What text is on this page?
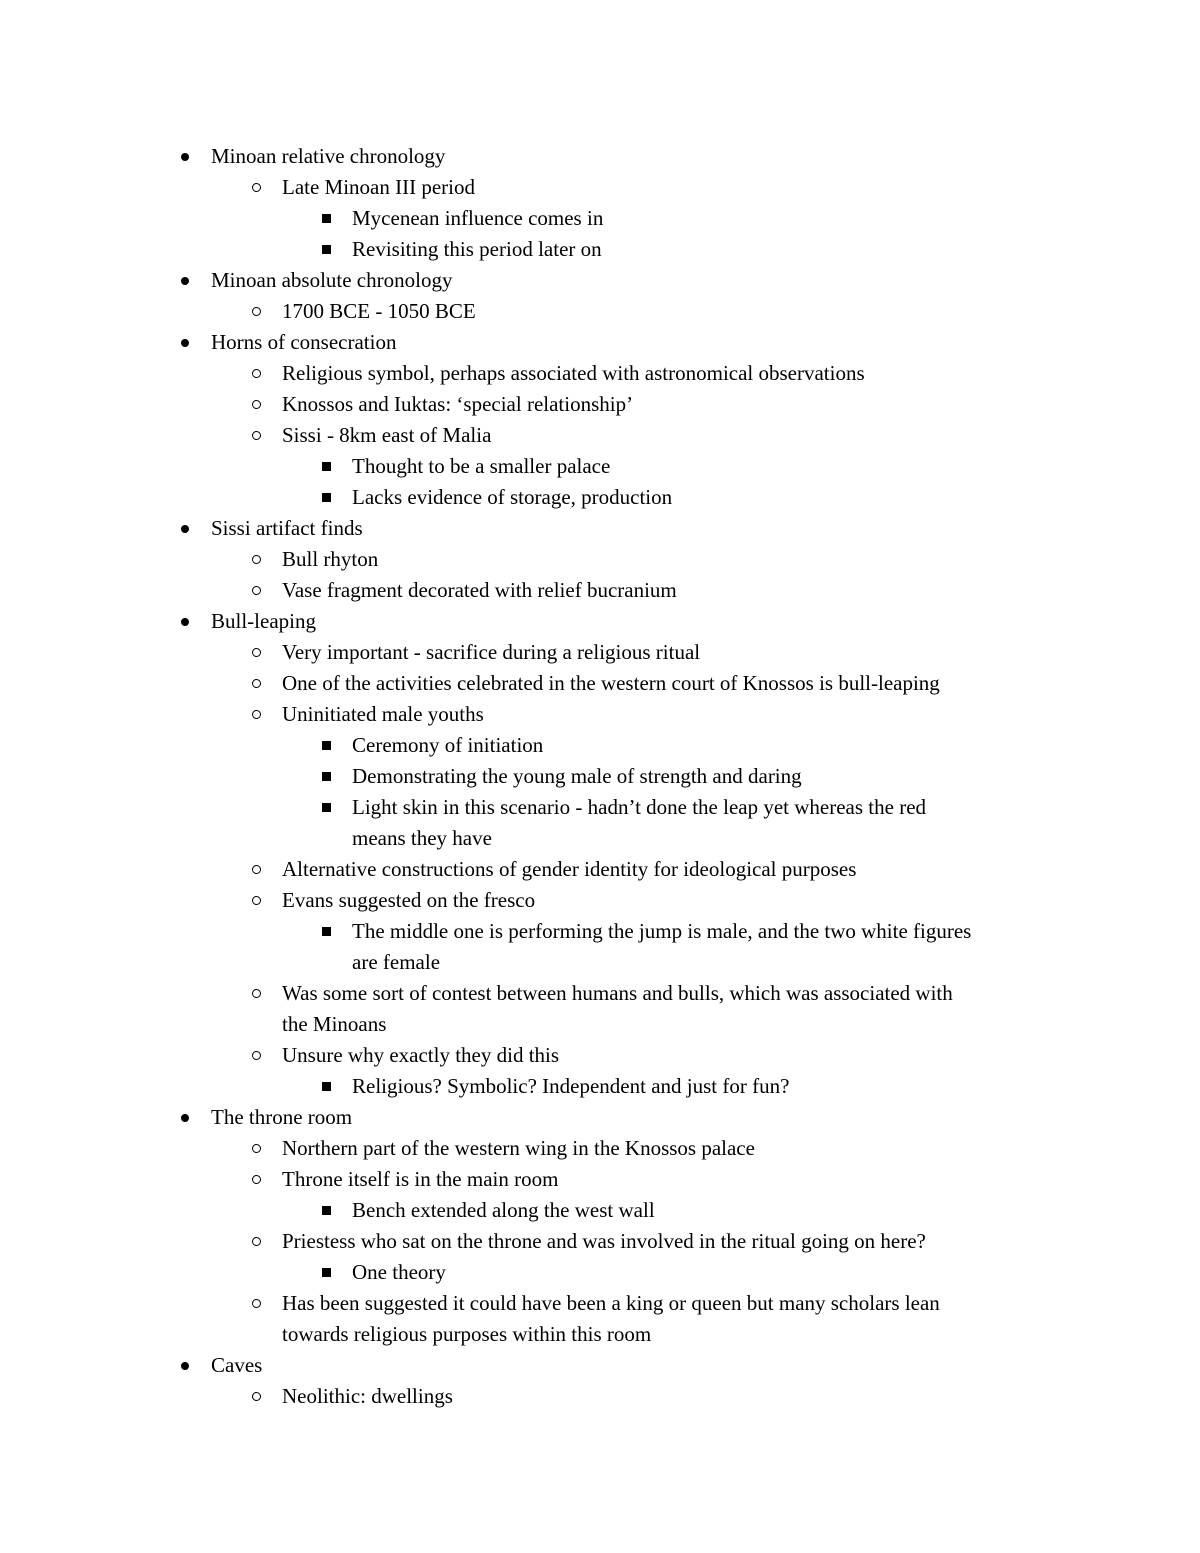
Minoan relative chronology
Late Minoan III period
Mycenean influence comes in
Revisiting this period later on
Minoan absolute chronology
1700 BCE - 1050 BCE
Horns of consecration
Religious symbol, perhaps associated with astronomical observations
Knossos and Iuktas: ‘special relationship’
Sissi - 8km east of Malia
Thought to be a smaller palace
Lacks evidence of storage, production
Sissi artifact finds
Bull rhyton
Vase fragment decorated with relief bucranium
Bull-leaping
Very important - sacrifice during a religious ritual
One of the activities celebrated in the western court of Knossos is bull-leaping
Uninitiated male youths
Ceremony of initiation
Demonstrating the young male of strength and daring
Light skin in this scenario - hadn’t done the leap yet whereas the red
means they have
Alternative constructions of gender identity for ideological purposes
Evans suggested on the fresco
The middle one is performing the jump is male, and the two white figures
are female
Was some sort of contest between humans and bulls, which was associated with
the Minoans
Unsure why exactly they did this
Religious? Symbolic? Independent and just for fun?
The throne room
Northern part of the western wing in the Knossos palace
Throne itself is in the main room
Bench extended along the west wall
Priestess who sat on the throne and was involved in the ritual going on here?
One theory
Has been suggested it could have been a king or queen but many scholars lean
towards religious purposes within this room
Caves
Neolithic: dwellings
